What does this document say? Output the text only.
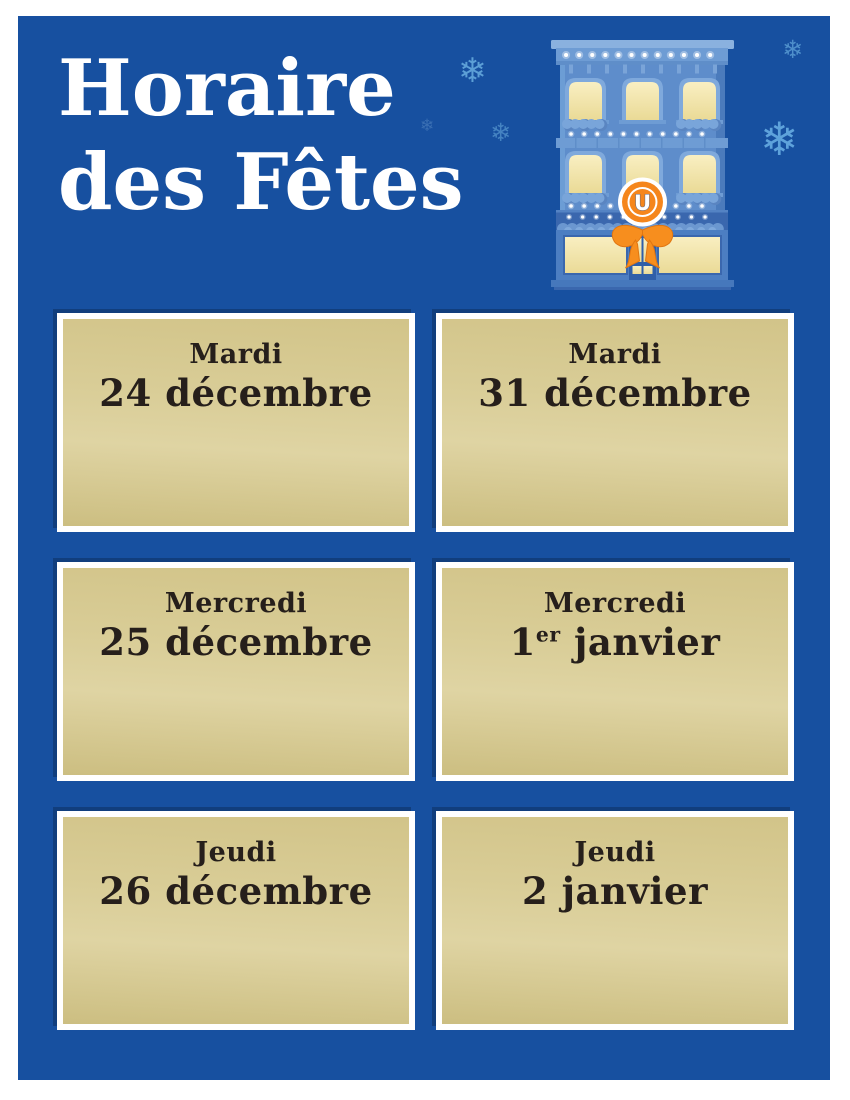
Horaire
des Fêtes
❄
❄ ❄
❄
❄
U
Mardi
24 décembre
Mardi
31 décembre
Mercredi
25 décembre
Mercredi
1er janvier
Jeudi
26 décembre
Jeudi
2 janvier
